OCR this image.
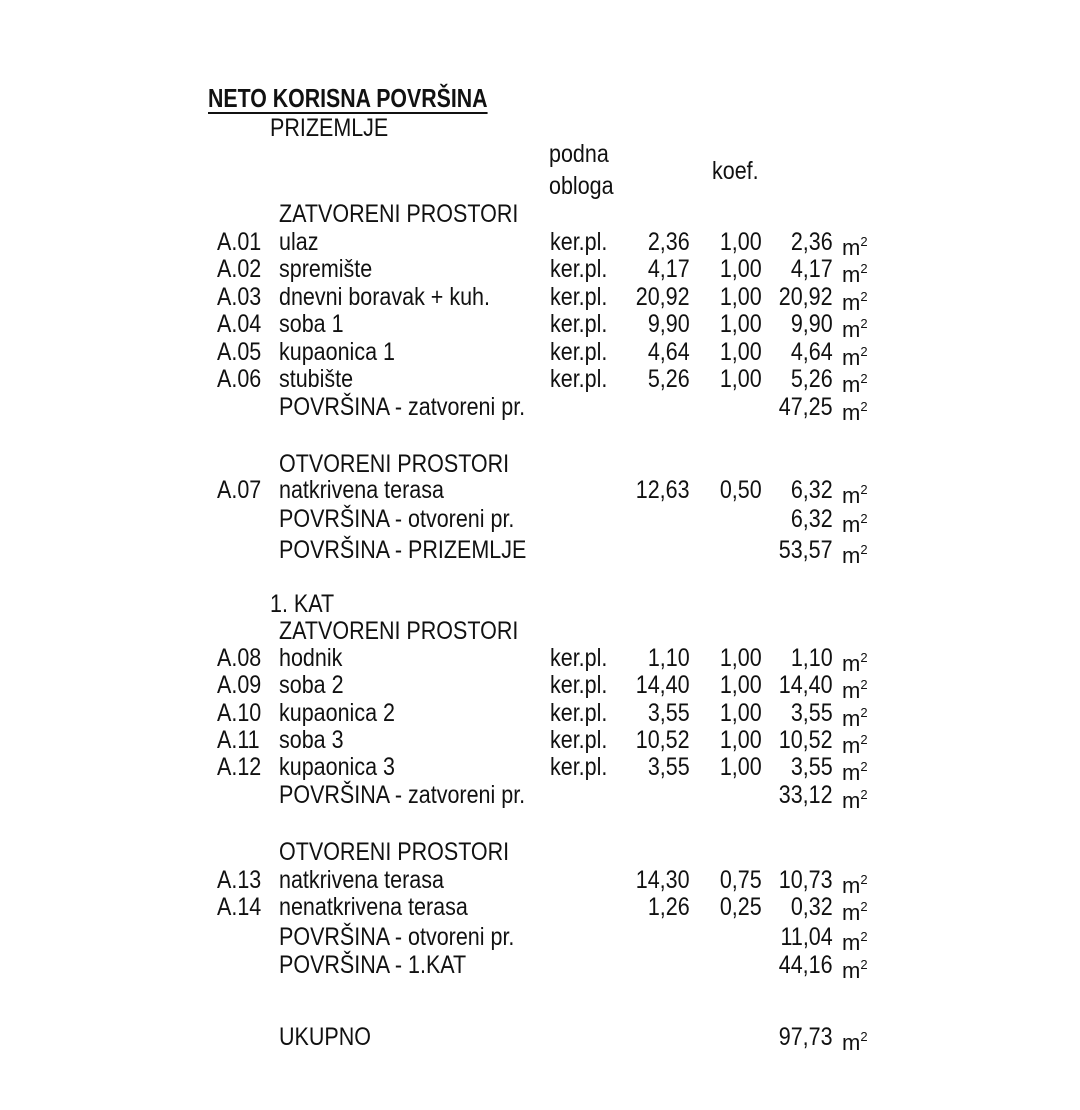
NETO KORISNA POVRŠINA
PRIZEMLJE
podna
obloga
koef.
ZATVORENI PROSTORI
A.01 ulaz	ker.pl. 2,36 1,00 2,36 $m^2$
A.02 spremište	ker.pl. 4,17 1,00 4,17 $m^2$
A.03 dnevni boravak + kuh. ker.pl. 20,92 1,00 20,92 $m^2$
A.04 soba 1	ker.pl. 9,90 1,00 9,90 $m^2$
A.05 kupaonica 1	ker.pl. 4,64 1,00 4,64 $m^2$
A.06 stubište	ker.pl. 5,26 1,00 5,26 $m^2$
POVRŠINA - zatvoreni pr.	47,25 $m^2$
OTVORENI PROSTORI
A.07 natkrivena terasa	12,63 0,50 6,32 $m^2$
POVRŠINA - otvoreni pr.	6,32 $m^2$
POVRŠINA - PRIZEMLJE	53,57 $m^2$
1. KAT
ZATVORENI PROSTORI
A.08 hodnik	ker.pl. 1,10 1,00 1,10 $m^2$
A.09 soba 2	ker.pl. 14,40 1,00 14,40 $m^2$
A.10 kupaonica 2	ker.pl. 3,55 1,00 3,55 $m^2$
A.11 soba 3	ker.pl. 10,52 1,00 10,52 $m^2$
A.12 kupaonica 3	ker.pl. 3,55 1,00 3,55 $m^2$
POVRŠINA - zatvoreni pr.	33,12 $m^2$
OTVORENI PROSTORI
A.13 natkrivena terasa	14,30 0,75 10,73 $m^2$
A.14 nenatkrivena terasa	1,26 0,25 0,32 $m^2$
POVRŠINA - otvoreni pr.	11,04 $m^2$
POVRŠINA - 1.KAT	44,16 $m^2$
UKUPNO	97,73 $m^2$
